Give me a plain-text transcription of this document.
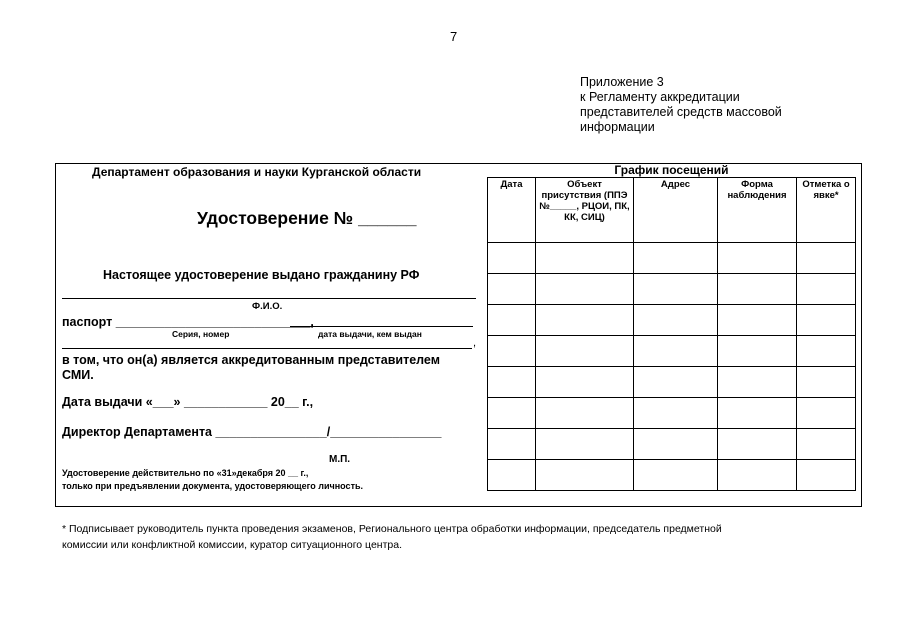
7
Приложение 3
к Регламенту аккредитации
представителей средств массовой
информации
Департамент образования и науки Курганской области
Удостоверение № ______
Настоящее удостоверение выдано гражданину РФ
Ф.И.О.
паспорт ____________________________,
Серия, номер	дата выдачи, кем выдан
,
в том, что он(а) является аккредитованным представителем СМИ.
Дата выдачи «___» ____________ 20__ г.,
Директор Департамента ________________/________________
М.П.
Удостоверение действительно по «31»декабря 20 __ г.,
только при предъявлении документа, удостоверяющего личность.
График посещений
Дата	Объект присутствия (ППЭ №_____, РЦОИ, ПК, КК, СИЦ)	Адрес	Форма наблюдения	Отметка о явке*

* Подписывает руководитель пункта проведения экзаменов, Регионального центра обработки информации, председатель предметной
комиссии или конфликтной комиссии, куратор ситуационного центра.
